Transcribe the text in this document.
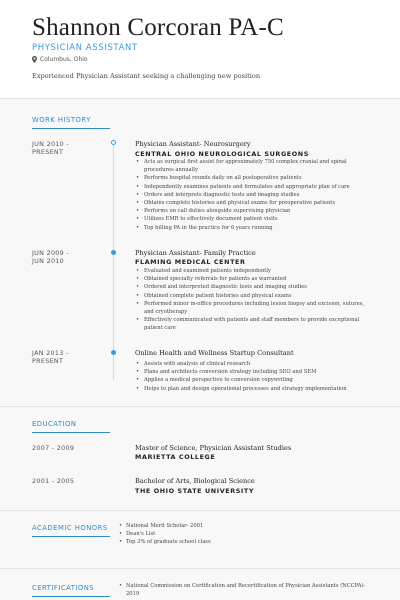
Shannon Corcoran PA-C
PHYSICIAN ASSISTANT
Columbus, Ohio
Experienced Physician Assistant seeking a challenging new position
WORK HISTORY
JUN 2010 -
PRESENT
Physician Assistant- Neurosurgery
CENTRAL OHIO NEUROLOGICAL SURGEONS
• Acts as surgical first assist for approximately 750 complex cranial and spinal procedures annually
• Performs hospital rounds daily on all postoperative patients
• Independently examines patients and formulates and appropriate plan of care
• Orders and interprets diagnostic tests and imaging studies
• Obtains complete histories and physical exams for preoperative patients
• Performs on call duties alongside supervising physician
• Utilizes EMR to effectively document patient visits
• Top billing PA in the practice for 6 years running
JUN 2009 -
JUN 2010
Physician Assistant- Family Practice
FLAMING MEDICAL CENTER
• Evaluated and examined patients independently
• Obtained specialty referrals for patients as warranted
• Ordered and interpreted diagnostic tests and imaging studies
• Obtained complete patient histories and physical exams
• Performed minor in-office procedures including lesion biopsy and excision, sutures, and cryotherapy
• Effectively communicated with patients and staff members to provide exceptional patient care
JAN 2013 -
PRESENT
Online Health and Wellness Startup Consultant
• Assists with analysis of clinical research
• Plans and architects conversion strategy including SEO and SEM
• Applies a medical perspective to conversion copywriting
• Helps to plan and design operational processes and strategy implementation
EDUCATION
2007 - 2009	Master of Science, Physician Assistant Studies
MARIETTA COLLEGE
2001 - 2005	Bachelor of Arts, Biological Science
THE OHIO STATE UNIVERSITY
ACADEMIC HONORS	• National Merit Scholar- 2001
• Dean's List
• Top 3% of graduate school class
CERTIFICATIONS	• National Commission on Certification and Recertification of Physician Assistants (NCCPA)- 2019
